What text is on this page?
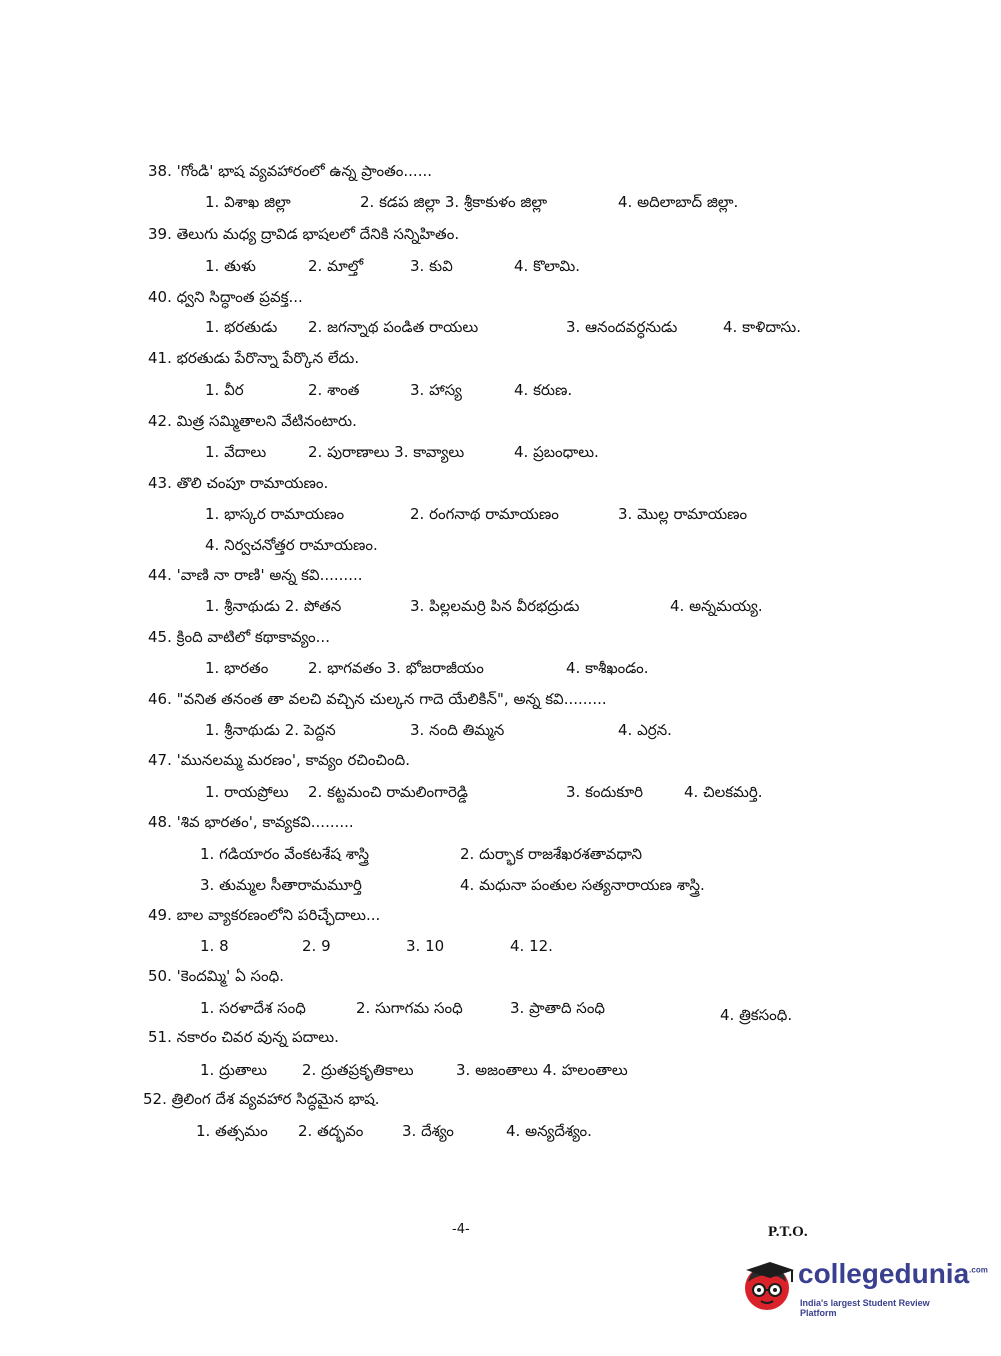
38. 'గోండి' భాష వ్యవహారంలో ఉన్న ప్రాంతం......
1. విశాఖ జిల్లా	2. కడప జిల్లా 3. శ్రీకాకుళం జిల్లా	4. అదిలాబాద్ జిల్లా.
39. తెలుగు మధ్య ద్రావిడ భాషలలో దేనికి సన్నిహితం.
1. తుళు	2. మాల్తో	3. కువి	4. కొలామి.
40. ధ్వని సిద్ధాంత ప్రవక్త...
1. భరతుడు 2. జగన్నాథ పండిత రాయలు	3. ఆనందవర్ధనుడు	4. కాళిదాసు.
41. భరతుడు పేరొన్నా పేర్కొన లేదు.
1. వీర	2. శాంత	3. హాస్య	4. కరుణ.
42. మిత్ర సమ్మితాలని వేటినంటారు.
1. వేదాలు	2. పురాణాలు 3. కావ్యాలు	4. ప్రబంధాలు.
43. తొలి చంపూ రామాయణం.
1. భాస్కర రామాయణం	2. రంగనాథ రామాయణం	3. మొల్ల రామాయణం
4. నిర్వచనోత్తర రామాయణం.
44. 'వాణి నా రాణి' అన్న కవి.........
1. శ్రీనాథుడు 2. పోతన	3. పిల్లలమర్రి పిన వీరభద్రుడు	4. అన్నమయ్య.
45. క్రింది వాటిలో కథాకావ్యం...
1. భారతం	2. భాగవతం 3. భోజరాజీయం	4. కాశీఖండం.
46. "వనిత తనంత తా వలచి వచ్చిన చుల్కన గాదె యేలికిన్", అన్న కవి.........
1. శ్రీనాథుడు 2. పెద్దన	3. నంది తిమ్మన	4. ఎర్రన.
47. 'మునలమ్మ మరణం', కావ్యం రచించింది.
1. రాయప్రోలు 2. కట్టమంచి రామలింగారెడ్డి	3. కందుకూరి	4. చిలకమర్తి.
48. 'శివ భారతం', కావ్యకవి.........
1. గడియారం వేంకటశేష శాస్త్రి	2. దుర్భాక రాజశేఖరశతావధాని
3. తుమ్మల సీతారామమూర్తి	4. మధునా పంతుల సత్యనారాయణ శాస్త్రి.
49. బాల వ్యాకరణంలోని పరిచ్ఛేదాలు...
1. 8	2. 9	3. 10	4. 12.
50. 'కెందమ్మి' ఏ సంధి.
1. సరళాదేశ సంధి	2. సుగాగమ సంధి	3. ప్రాతాది సంధి	4. త్రికసంధి.
51. నకారం చివర వున్న పదాలు.
1. ద్రుతాలు 2. ద్రుతప్రకృతికాలు	3. అజంతాలు 4. హలంతాలు
52. త్రిలింగ దేశ వ్యవహార సిద్ధమైన భాష.
1. తత్సమం 2. తద్భవం	3. దేశ్యం	4. అన్యదేశ్యం.
-4-	P.T.O.
collegedunia$^{.com}$
India's largest Student Review Platform
